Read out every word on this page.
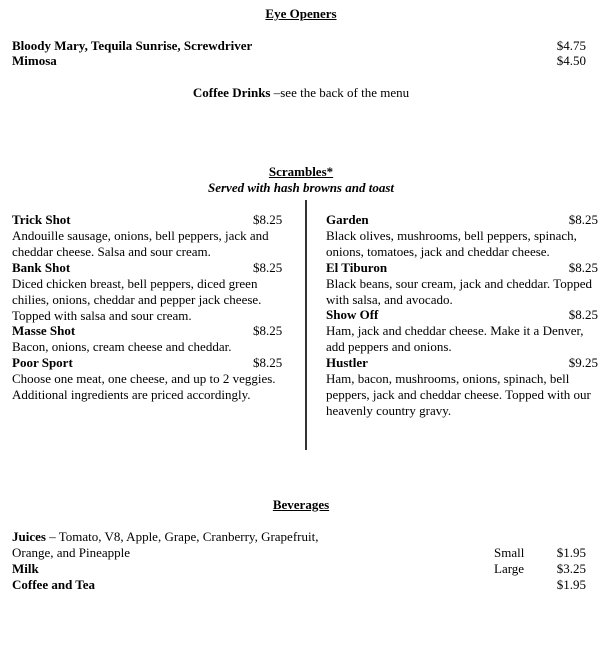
Eye Openers
Bloody Mary, Tequila Sunrise, Screwdriver	$4.75
Mimosa	$4.50
Coffee Drinks –see the back of the menu
Scrambles*
Served with hash browns and toast
Trick Shot	$8.25

Andouille sausage, onions, bell peppers, jack and cheddar cheese. Salsa and sour cream.

Bank Shot	$8.25

Diced chicken breast, bell peppers, diced green chilies, onions, cheddar and pepper jack cheese. Topped with salsa and sour cream.

Masse Shot	$8.25

Bacon, onions, cream cheese and cheddar.

Poor Sport	$8.25

Choose one meat, one cheese, and up to 2 veggies. Additional ingredients are priced accordingly.

Garden	$8.25

Black olives, mushrooms, bell peppers, spinach, onions, tomatoes, jack and cheddar cheese.

El Tiburon	$8.25

Black beans, sour cream, jack and cheddar. Topped with salsa, and avocado.

Show Off	$8.25

Ham, jack and cheddar cheese. Make it a Denver, add peppers and onions.

Hustler	$9.25

Ham, bacon, mushrooms, onions, spinach, bell peppers, jack and cheddar cheese. Topped with our heavenly country gravy.

Beverages
Juices – Tomato, V8, Apple, Grape, Cranberry, Grapefruit,
Orange, and Pineapple	Small $1.95
Milk	Large	$3.25
Coffee and Tea	$1.95
